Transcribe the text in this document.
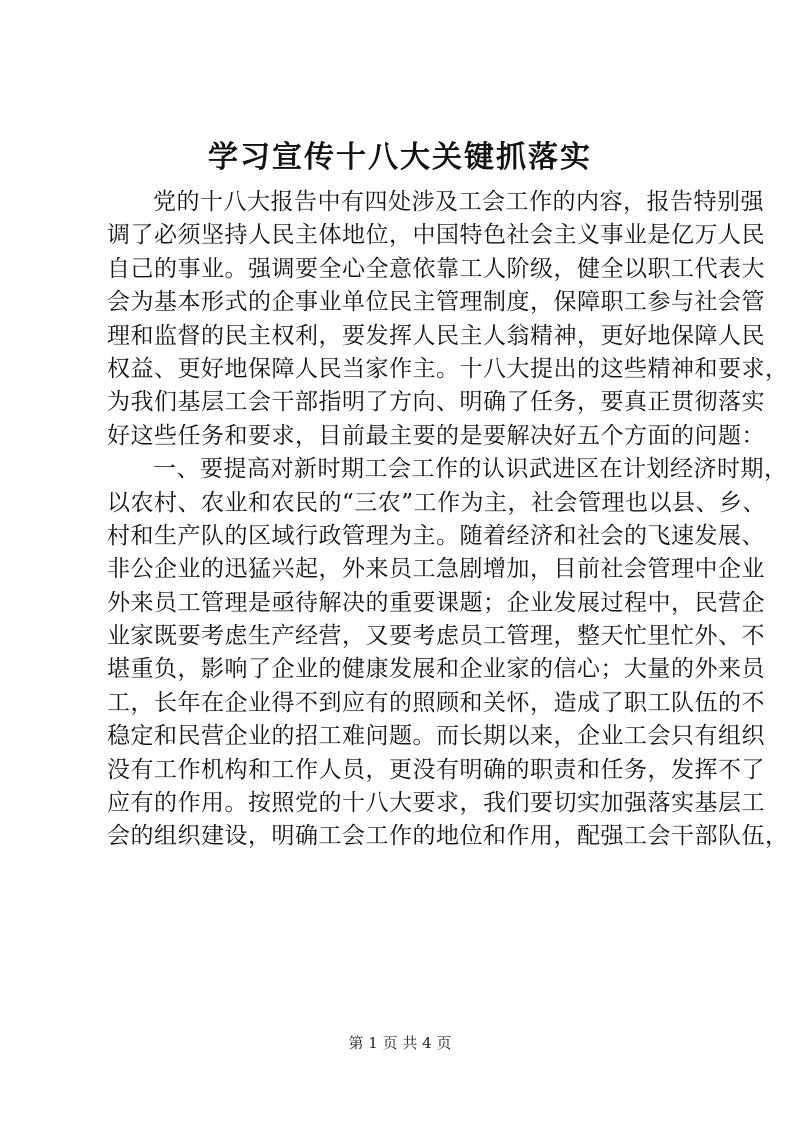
学习宣传十八大关键抓落实
党的十八大报告中有四处涉及工会工作的内容，报告特别强
调了必须坚持人民主体地位，中国特色社会主义事业是亿万人民
自己的事业。强调要全心全意依靠工人阶级，健全以职工代表大
会为基本形式的企事业单位民主管理制度，保障职工参与社会管
理和监督的民主权利，要发挥人民主人翁精神，更好地保障人民
权益、更好地保障人民当家作主。十八大提出的这些精神和要求，
为我们基层工会干部指明了方向、明确了任务，要真正贯彻落实
好这些任务和要求，目前最主要的是要解决好五个方面的问题：
一、要提高对新时期工会工作的认识武进区在计划经济时期，
以农村、农业和农民的“三农”工作为主，社会管理也以县、乡、
村和生产队的区域行政管理为主。随着经济和社会的飞速发展、
非公企业的迅猛兴起，外来员工急剧增加，目前社会管理中企业
外来员工管理是亟待解决的重要课题；企业发展过程中，民营企
业家既要考虑生产经营，又要考虑员工管理，整天忙里忙外、不
堪重负，影响了企业的健康发展和企业家的信心；大量的外来员
工，长年在企业得不到应有的照顾和关怀，造成了职工队伍的不
稳定和民营企业的招工难问题。而长期以来，企业工会只有组织
没有工作机构和工作人员，更没有明确的职责和任务，发挥不了
应有的作用。按照党的十八大要求，我们要切实加强落实基层工
会的组织建设，明确工会工作的地位和作用，配强工会干部队伍，
第 1 页 共 4 页
